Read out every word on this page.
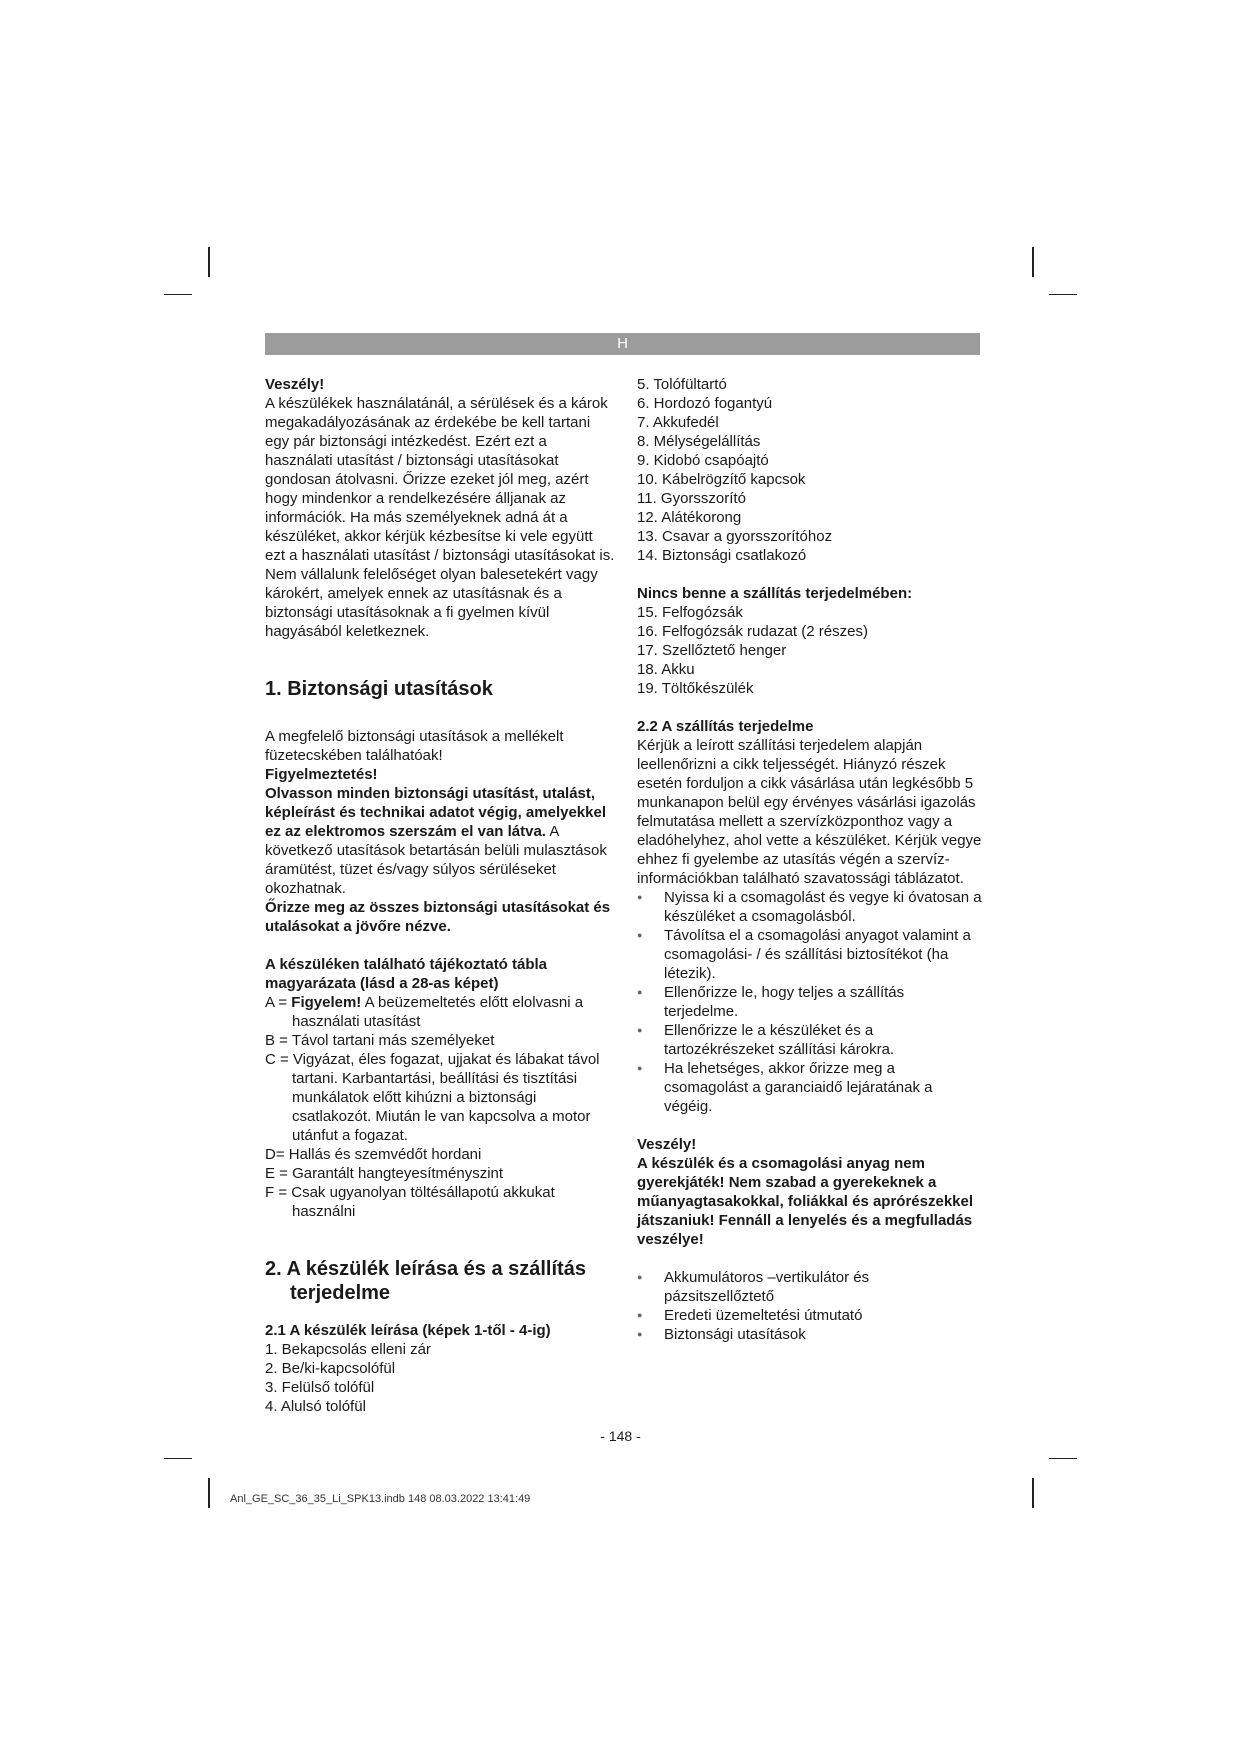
H

Veszély!

A készülékek használatánál, a sérülések és a károk megakadályozásának az érdekébe be kell tartani egy pár biztonsági intézkedést. Ezért ezt a használati utasítást / biztonsági utasításokat gondosan átolvasni. Őrizze ezeket jól meg, azért hogy mindenkor a rendelkezésére álljanak az információk. Ha más személyeknek adná át a készüléket, akkor kérjük kézbesítse ki vele együtt ezt a használati utasítást / biztonsági utasításokat is. Nem vállalunk felelőséget olyan balesetekért vagy károkért, amelyek ennek az utasításnak és a biztonsági utasításoknak a fi gyelmen kívül hagyásából keletkeznek.

1. Biztonsági utasítások

A megfelelő biztonsági utasítások a mellékelt füzetecskében találhatóak!

Figyelmeztetés!

Olvasson minden biztonsági utasítást, utalást, képleírást és technikai adatot végig, amelyekkel ez az elektromos szerszám el van látva. A következő utasítások betartásán belüli mulasztások áramütést, tüzet és/vagy súlyos sérüléseket okozhatnak.

Őrizze meg az összes biztonsági utasításokat és utalásokat a jövőre nézve.

A készüléken található tájékoztató tábla magyarázata (lásd a 28-as képet)

A = Figyelem! A beüzemeltetés előtt elolvasni a használati utasítást

B = Távol tartani más személyeket

C = Vigyázat, éles fogazat, ujjakat és lábakat távol tartani. Karbantartási, beállítási és tisztítási munkálatok előtt kihúzni a biztonsági csatlakozót. Miután le van kapcsolva a motor utánfut a fogazat.

D= Hallás és szemvédőt hordani

E = Garantált hangteyesítményszint

F = Csak ugyanolyan töltésállapotú akkukat használni

2. A készülék leírása és a szállítás
terjedelme

2.1 A készülék leírása (képek 1-től - 4-ig)

1. Bekapcsolás elleni zár
2. Be/ki-kapcsolófül
3. Felülső tolófül
4. Alulsó tolófül
5. Tolófültartó
6. Hordozó fogantyú
7. Akkufedél
8. Mélységelállítás
9. Kidobó csapóajtó
10. Kábelrögzítő kapcsok
11. Gyorsszorító
12. Alátékorong
13. Csavar a gyorsszorítóhoz
14. Biztonsági csatlakozó

Nincs benne a szállítás terjedelmében:

15. Felfogózsák
16. Felfogózsák rudazat (2 részes)
17. Szellőztető henger
18. Akku
19. Töltőkészülék

2.2 A szállítás terjedelme

Kérjük a leírott szállítási terjedelem alapján leellenőrizni a cikk teljességét. Hiányzó részek esetén forduljon a cikk vásárlása után legkésőbb 5 munkanapon belül egy érvényes vásárlási igazolás felmutatása mellett a szervízközponthoz vagy a eladóhelyhez, ahol vette a készüléket. Kérjük vegye ehhez fi gyelembe az utasítás végén a szervíz-információkban található szavatossági táblázatot.

● Nyissa ki a csomagolást és vegye ki óvatosan a készüléket a csomagolásból.
● Távolítsa el a csomagolási anyagot valamint a csomagolási- / és szállítási biztosítékot (ha létezik).
● Ellenőrizze le, hogy teljes a szállítás terjedelme.
● Ellenőrizze le a készüléket és a tartozékrészeket szállítási károkra.
● Ha lehetséges, akkor őrizze meg a csomagolást a garanciaidő lejáratának a végéig.

Veszély!

A készülék és a csomagolási anyag nem gyerekjáték! Nem szabad a gyerekeknek a műanyagtasakokkal, foliákkal és aprórészekkel játszaniuk! Fennáll a lenyelés és a megfulladás veszélye!

● Akkumulátoros –vertikulátor és pázsitszellőztető
● Eredeti üzemeltetési útmutató
● Biztonsági utasítások
- 148 -
Anl_GE_SC_36_35_Li_SPK13.indb 148 08.03.2022 13:41:49
